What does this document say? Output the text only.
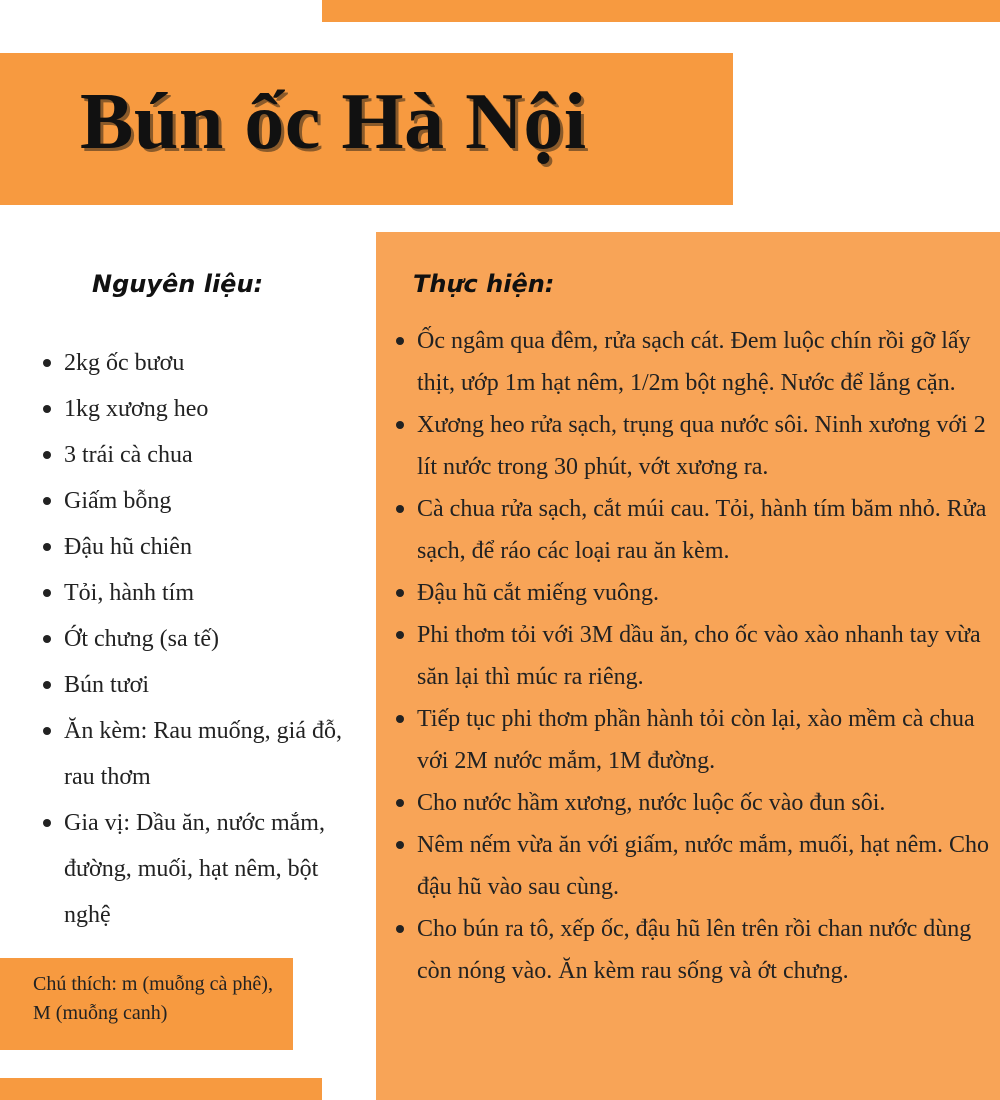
Bún ốc Hà Nội
Nguyên liệu:
2kg ốc bươu
1kg xương heo
3 trái cà chua
Giấm bỗng
Đậu hũ chiên
Tỏi, hành tím
Ớt chưng (sa tế)
Bún tươi
Ăn kèm: Rau muống, giá đỗ, rau thơm
Gia vị: Dầu ăn, nước mắm, đường, muối, hạt nêm, bột nghệ
Thực hiện:
Ốc ngâm qua đêm, rửa sạch cát. Đem luộc chín rồi gỡ lấy thịt, ướp 1m hạt nêm, 1/2m bột nghệ. Nước để lắng cặn.
Xương heo rửa sạch, trụng qua nước sôi. Ninh xương với 2 lít nước trong 30 phút, vớt xương ra.
Cà chua rửa sạch, cắt múi cau. Tỏi, hành tím băm nhỏ. Rửa sạch, để ráo các loại rau ăn kèm.
Đậu hũ cắt miếng vuông.
Phi thơm tỏi với 3M dầu ăn, cho ốc vào xào nhanh tay vừa săn lại thì múc ra riêng.
Tiếp tục phi thơm phần hành tỏi còn lại, xào mềm cà chua với 2M nước mắm, 1M đường.
Cho nước hầm xương, nước luộc ốc vào đun sôi.
Nêm nếm vừa ăn với giấm, nước mắm, muối, hạt nêm. Cho đậu hũ vào sau cùng.
Cho bún ra tô, xếp ốc, đậu hũ lên trên rồi chan nước dùng còn nóng vào. Ăn kèm rau sống và ớt chưng.

Chú thích: m (muỗng cà phê), M (muỗng canh)
